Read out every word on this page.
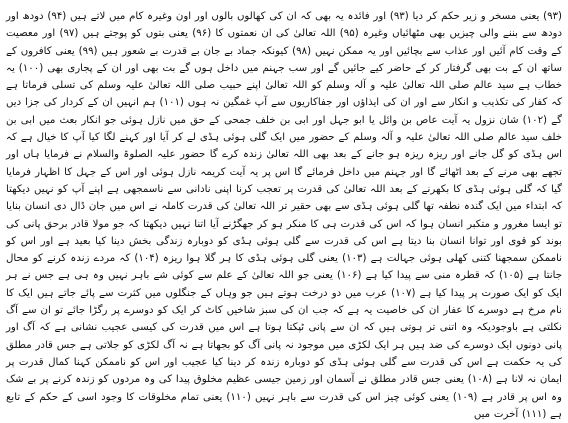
(۹۳) یعنی مسخر و زیر حکم کر دیا (۹۳) اور فائدہ یہ بھی کہ ان کی کھالوں بالوں اور اون وغیرہ کام میں لاتے ہیں (۹۴) دودھ اور دودھ سے بننے والی چیزیں بھی مٹھائیاں وغیرہ (۹۵) اللہ تعالیٰ کی ان نعمتوں کا (۹۶) یعنی بتوں کو پوجتے ہیں (۹۷) اور معصیت کے وقت کام آئیں اور عذاب سے بچائیں اور یہ ممکن نہیں (۹۸) کیونکہ جماد بے جان بے قدرت بے شعور ہیں (۹۹) یعنی کافروں کے ساتھ ان کے بت بھی گرفتار کر کے حاضر کیے جائیں گے اور سب جہنم میں داخل ہوں گے بت بھی اور ان کے پجاری بھی (۱۰۰) یہ خطاب ہے سید عالم صلی اللہ تعالیٰ علیہ و آلہ وسلم کو اللہ تعالیٰ اپنے حبیب صلی اللہ تعالیٰ علیہ وسلم کی تسلی فرماتا ہے کہ کفار کی تکذیب و انکار سے اور ان کی ایذاؤں اور جفاکاریوں سے آپ غمگین نہ ہوں (۱۰۱) ہم انہیں ان کے کردار کی جزا دیں گے (۱۰۲) شان نزول یہ آیت عاص بن وائل یا ابو جہل اور ابی بن خلف جمحی کے حق میں نازل ہوئی جو انکار بعث میں ابی بن خلف سید عالم صلی اللہ تعالیٰ علیہ و آلہ وسلم کے حضور میں ایک گلی ہوئی ہڈی لے کر آیا اور کہنے لگا کیا آپ کا خیال ہے کہ اس ہڈی کو گل جانے اور ریزہ ریزہ ہو جانے کے بعد بھی اللہ تعالیٰ زندہ کرے گا حضور علیہ الصلوۃ والسلام نے فرمایا ہاں اور تجھے بھی مرنے کے بعد اٹھائے گا اور جہنم میں داخل فرمائے گا اس پر یہ آیت کریمہ نازل ہوئی اور اس کے جہل کا اظہار فرمایا گیا کہ گلی ہوئی ہڈی کا بکھرنے کے بعد اللہ تعالیٰ کی قدرت پر تعجب کرنا اپنی نادانی سے ناسمجھی ہے اپنے آپ کو نہیں دیکھتا کہ ابتداء میں ایک گندہ نطفہ تھا گلی ہوئی ہڈی سے بھی حقیر تر اللہ تعالیٰ کی قدرت کاملہ نے اس میں جان ڈال دی انسان بنایا تو ایسا مغرور و متکبر انسان ہوا کہ اس کی قدرت ہی کا منکر ہو کر جھگڑنے آیا اتنا نہیں دیکھتا کہ جو مولا قادر برحق پانی کی بوند کو قوی اور توانا انسان بنا دیتا ہے اس کی قدرت سے گلی ہوئی ہڈی کو دوبارہ زندگی بخش دینا کیا بعید ہے اور اس کو ناممکن سمجھنا کتنی کھلی ہوئی جہالت ہے (۱۰۳) یعنی گلی ہوئی ہڈی کا ہر گلا ہوا ریزہ (۱۰۴) کہ مردے زندہ کرنے کو محال جانتا ہے (۱۰۵) کہ قطرہ منی سے پیدا کیا ہے (۱۰۶) یعنی جو اللہ تعالیٰ کے علم سے کوئی شے باہر نہیں وہ ہی ہے جس نے ہر ایک کو ایک صورت پر پیدا کیا ہے (۱۰۷) عرب میں دو درخت ہوتے ہیں جو وہاں کے جنگلوں میں کثرت سے پائے جاتے ہیں ایک کا نام مرخ ہے دوسرے کا عفار ان کی خاصیت یہ ہے کہ جب ان کی سبز شاخیں کاٹ کر ایک کو دوسرے پر رگڑا جائے تو ان سے آگ نکلتی ہے باوجودیکہ وہ اتنی تر ہوتی ہیں کہ ان سے پانی ٹپکتا ہوتا ہے اس میں قدرت کی کیسی عجیب نشانی ہے کہ آگ اور پانی دونوں ایک دوسرے کی ضد ہیں ہر ایک لکڑی میں موجود نہ پانی آگ کو بجھاتا ہے نہ آگ لکڑی کو جلاتی ہے جس قادر مطلق کی یہ حکمت ہے اس کی قدرت سے گلی ہوئی ہڈی کو دوبارہ زندہ کر دینا کیا عجیب اور اس کو ناممکن کہنا کمال قدرت پر ایمان نہ لانا ہے (۱۰۸) یعنی جس قادر مطلق نے آسمان اور زمین جیسی عظیم مخلوق پیدا کی وہ مردوں کو زندہ کرنے پر بے شک وہ اس پر قادر ہے (۱۰۹) یعنی کوئی چیز اس کی قدرت سے باہر نہیں (۱۱۰) یعنی تمام مخلوقات کا وجود اسی کے حکم کے تابع ہے (۱۱۱) آخرت میں
